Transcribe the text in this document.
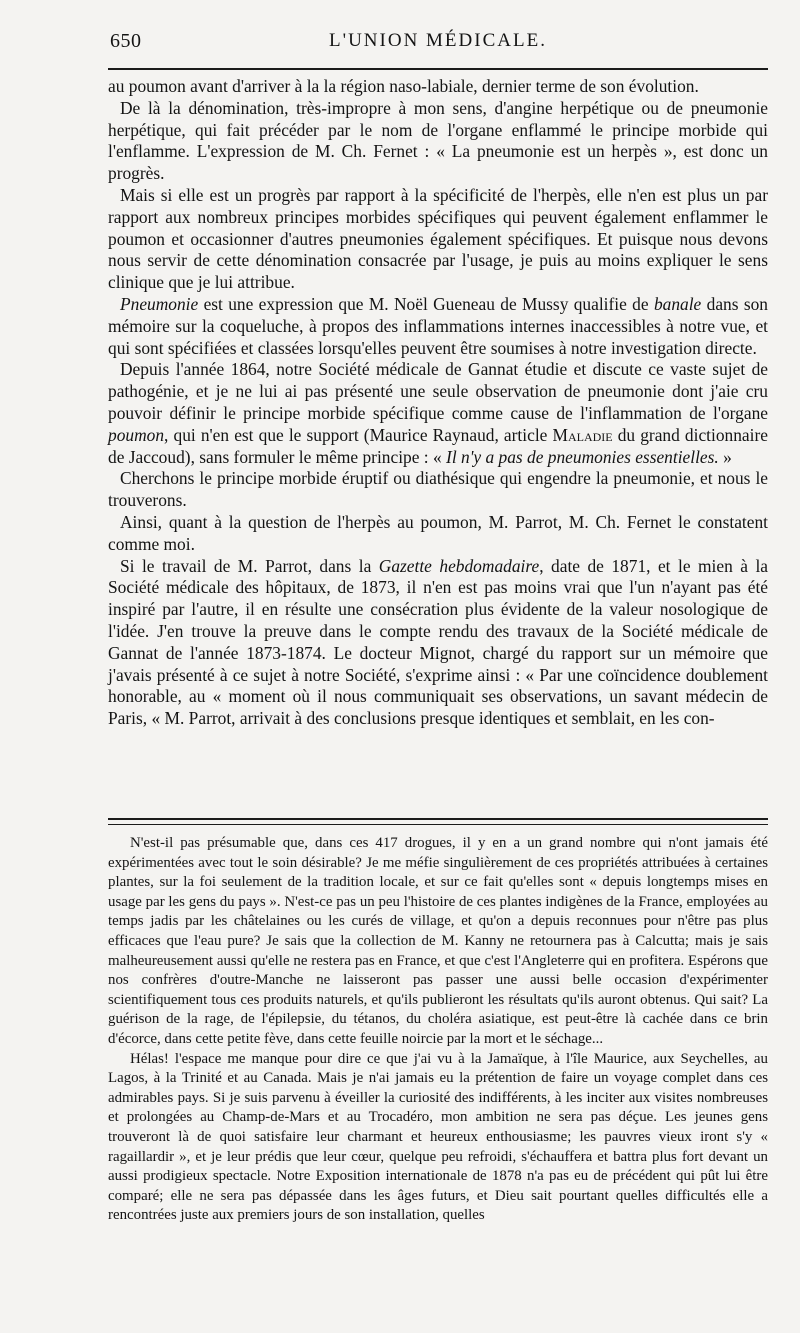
650	L'UNION MÉDICALE.

au poumon avant d'arriver à la la région naso-labiale, dernier terme de son évolution.

De là la dénomination, très-impropre à mon sens, d'angine herpétique ou de pneumonie herpétique, qui fait précéder par le nom de l'organe enflammé le principe morbide qui l'enflamme. L'expression de M. Ch. Fernet : « La pneumonie est un herpès », est donc un progrès.

Mais si elle est un progrès par rapport à la spécificité de l'herpès, elle n'en est plus un par rapport aux nombreux principes morbides spécifiques qui peuvent également enflammer le poumon et occasionner d'autres pneumonies également spécifiques. Et puisque nous devons nous servir de cette dénomination consacrée par l'usage, je puis au moins expliquer le sens clinique que je lui attribue.

Pneumonie est une expression que M. Noël Gueneau de Mussy qualifie de banale dans son mémoire sur la coqueluche, à propos des inflammations internes inaccessibles à notre vue, et qui sont spécifiées et classées lorsqu'elles peuvent être soumises à notre investigation directe.

Depuis l'année 1864, notre Société médicale de Gannat étudie et discute ce vaste sujet de pathogénie, et je ne lui ai pas présenté une seule observation de pneumonie dont j'aie cru pouvoir définir le principe morbide spécifique comme cause de l'inflammation de l'organe poumon, qui n'en est que le support (Maurice Raynaud, article Maladie du grand dictionnaire de Jaccoud), sans formuler le même principe : « Il n'y a pas de pneumonies essentielles. »

Cherchons le principe morbide éruptif ou diathésique qui engendre la pneumonie, et nous le trouverons.

Ainsi, quant à la question de l'herpès au poumon, M. Parrot, M. Ch. Fernet le constatent comme moi.

Si le travail de M. Parrot, dans la Gazette hebdomadaire, date de 1871, et le mien à la Société médicale des hôpitaux, de 1873, il n'en est pas moins vrai que l'un n'ayant pas été inspiré par l'autre, il en résulte une consécration plus évidente de la valeur nosologique de l'idée. J'en trouve la preuve dans le compte rendu des travaux de la Société médicale de Gannat de l'année 1873-1874. Le docteur Mignot, chargé du rapport sur un mémoire que j'avais présenté à ce sujet à notre Société, s'exprime ainsi : « Par une coïncidence doublement honorable, au « moment où il nous communiquait ses observations, un savant médecin de Paris, « M. Parrot, arrivait à des conclusions presque identiques et semblait, en les con-

N'est-il pas présumable que, dans ces 417 drogues, il y en a un grand nombre qui n'ont jamais été expérimentées avec tout le soin désirable? Je me méfie singulièrement de ces propriétés attribuées à certaines plantes, sur la foi seulement de la tradition locale, et sur ce fait qu'elles sont « depuis longtemps mises en usage par les gens du pays ». N'est-ce pas un peu l'histoire de ces plantes indigènes de la France, employées au temps jadis par les châtelaines ou les curés de village, et qu'on a depuis reconnues pour n'être pas plus efficaces que l'eau pure? Je sais que la collection de M. Kanny ne retournera pas à Calcutta; mais je sais malheureusement aussi qu'elle ne restera pas en France, et que c'est l'Angleterre qui en profitera. Espérons que nos confrères d'outre-Manche ne laisseront pas passer une aussi belle occasion d'expérimenter scientifiquement tous ces produits naturels, et qu'ils publieront les résultats qu'ils auront obtenus. Qui sait? La guérison de la rage, de l'épilepsie, du tétanos, du choléra asiatique, est peut-être là cachée dans ce brin d'écorce, dans cette petite fève, dans cette feuille noircie par la mort et le séchage...

Hélas! l'espace me manque pour dire ce que j'ai vu à la Jamaïque, à l'île Maurice, aux Seychelles, au Lagos, à la Trinité et au Canada. Mais je n'ai jamais eu la prétention de faire un voyage complet dans ces admirables pays. Si je suis parvenu à éveiller la curiosité des indifférents, à les inciter aux visites nombreuses et prolongées au Champ-de-Mars et au Trocadéro, mon ambition ne sera pas déçue. Les jeunes gens trouveront là de quoi satisfaire leur charmant et heureux enthousiasme; les pauvres vieux iront s'y « ragaillardir », et je leur prédis que leur cœur, quelque peu refroidi, s'échauffera et battra plus fort devant un aussi prodigieux spectacle. Notre Exposition internationale de 1878 n'a pas eu de précédent qui pût lui être comparé; elle ne sera pas dépassée dans les âges futurs, et Dieu sait pourtant quelles difficultés elle a rencontrées juste aux premiers jours de son installation, quelles
